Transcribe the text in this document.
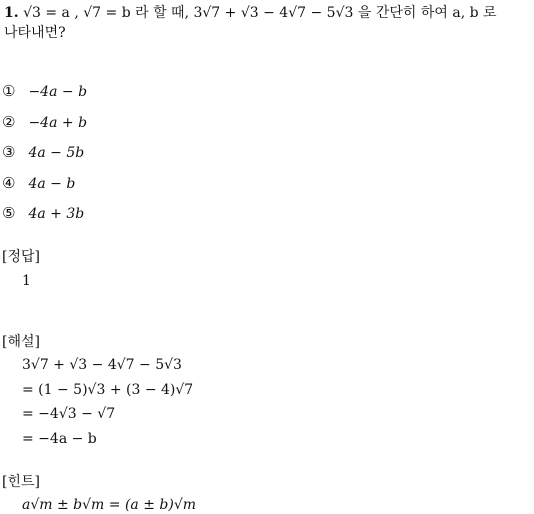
1. √3 = a , √7 = b 라 할 때, 3√7 + √3 − 4√7 − 5√3 을 간단히 하여 a, b 로
나타내면?
① −4a − b
② −4a + b
③ 4a − 5b
④ 4a − b
⑤ 4a + 3b
[정답]
1
[해설]
3√7 + √3 − 4√7 − 5√3
= (1 − 5)√3 + (3 − 4)√7
= −4√3 − √7
= −4a − b
[힌트]
a√m ± b√m = (a ± b)√m
